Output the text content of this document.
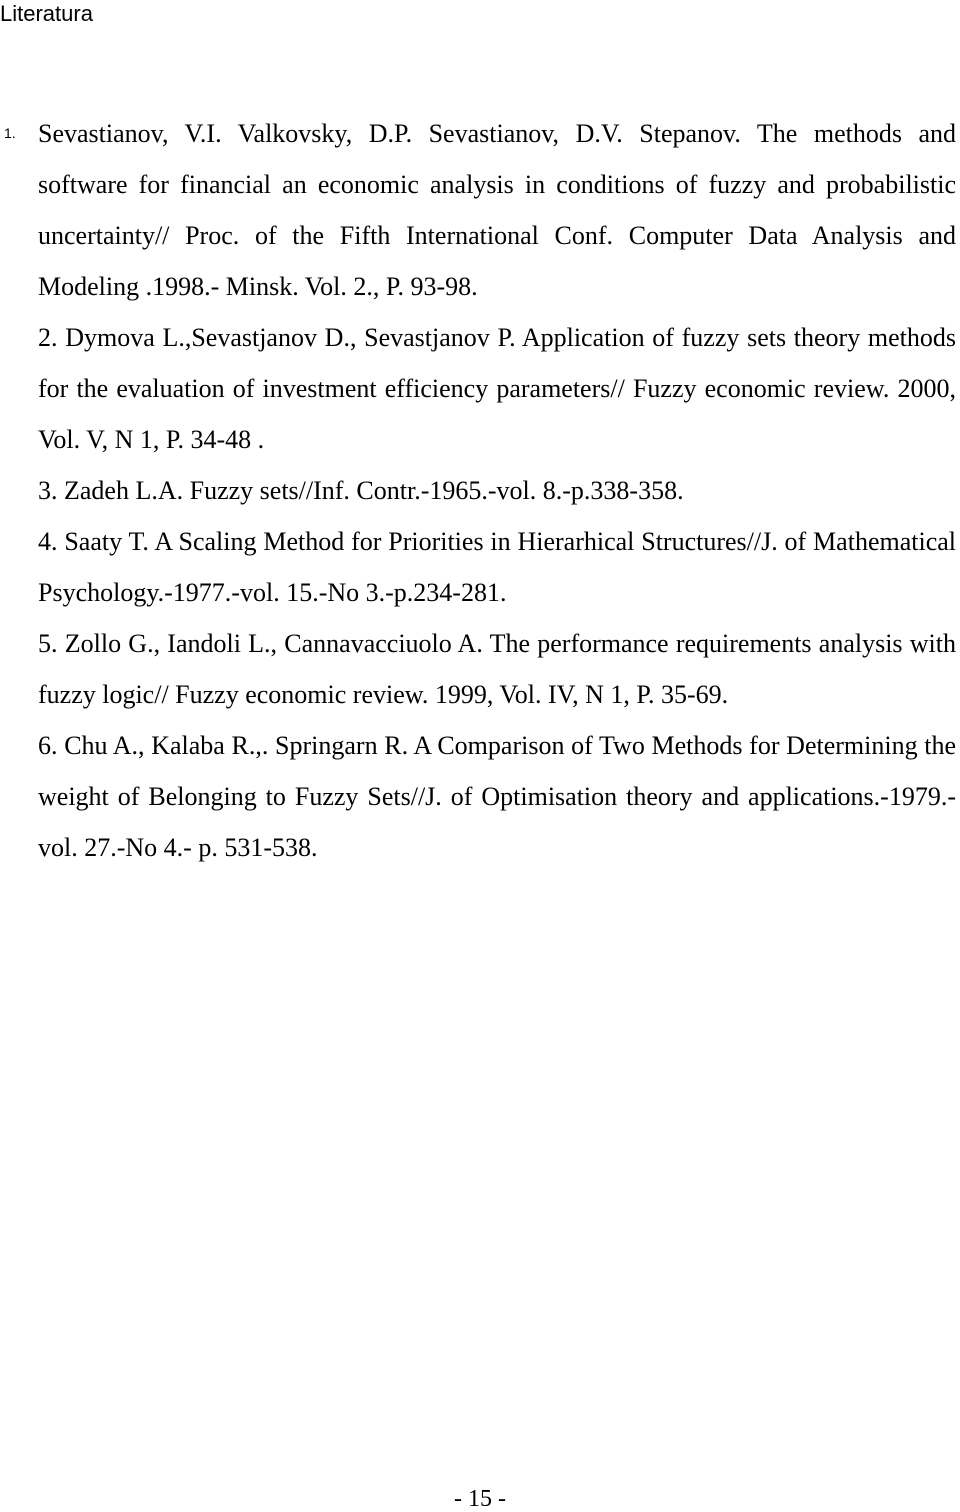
Literatura

1. Sevastianov, V.I. Valkovsky, D.P. Sevastianov, D.V. Stepanov. The methods and software for financial an economic analysis in conditions of fuzzy and probabilistic uncertainty// Proc. of the Fifth International Conf. Computer Data Analysis and Modeling .1998.- Minsk. Vol. 2., P. 93-98.

2. Dymova L.,Sevastjanov D., Sevastjanov P. Application of fuzzy sets theory methods for the evaluation of investment efficiency parameters// Fuzzy economic review. 2000, Vol. V, N 1, P. 34-48 .

3. Zadeh L.A. Fuzzy sets//Inf. Contr.-1965.-vol. 8.-p.338-358.

4. Saaty T. A Scaling Method for Priorities in Hierarhical Structures//J. of Mathematical Psychology.-1977.-vol. 15.-No 3.-p.234-281.

5. Zollo G., Iandoli L., Cannavacciuolo A. The performance requirements analysis with fuzzy logic// Fuzzy economic review. 1999, Vol. IV, N 1, P. 35-69.

6. Chu A., Kalaba R.,. Springarn R. A Comparison of Two Methods for Determining the weight of Belonging to Fuzzy Sets//J. of Optimisation theory and applications.-1979.-vol. 27.-No 4.- p. 531-538.

- 15 -
